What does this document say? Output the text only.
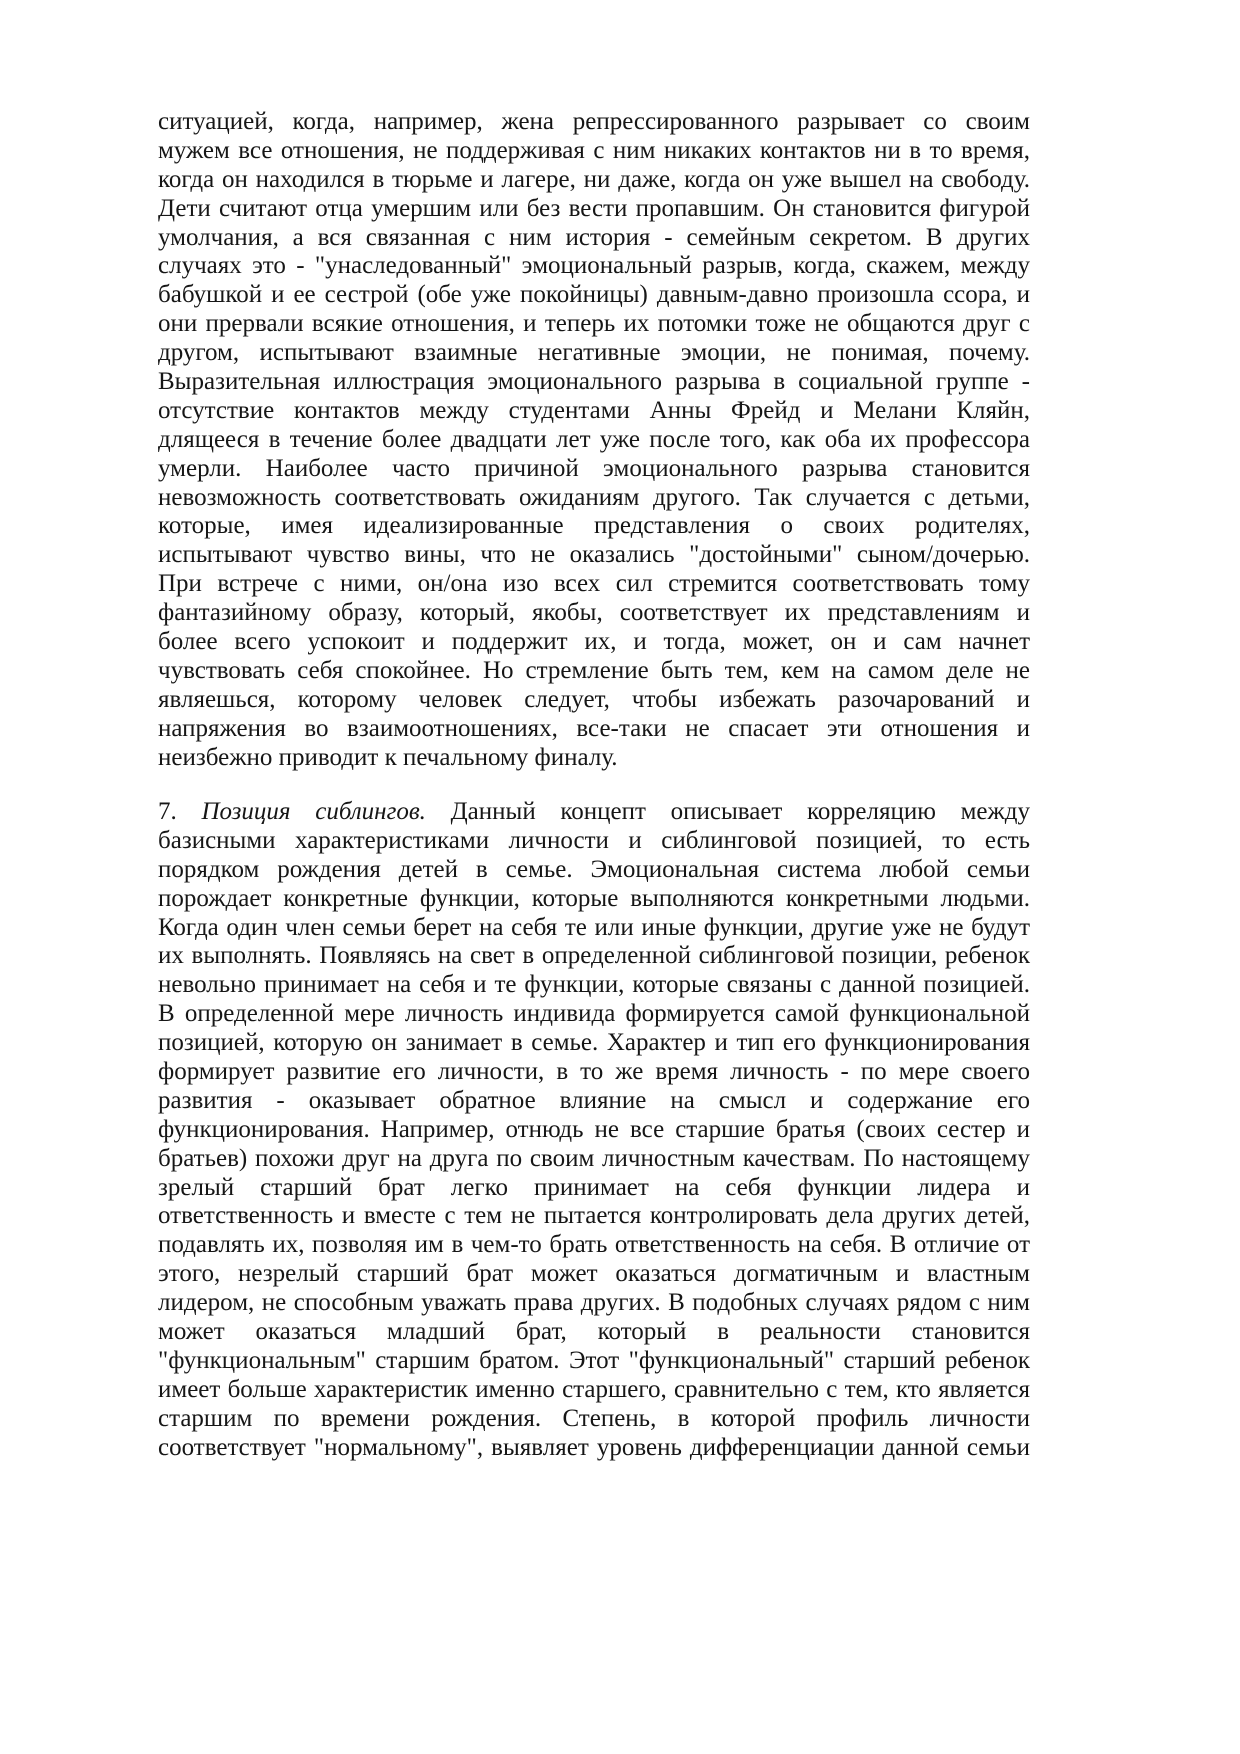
ситуацией, когда, например, жена репрессированного разрывает со своим
мужем все отношения, не поддерживая с ним никаких контактов ни в то время,
когда он находился в тюрьме и лагере, ни даже, когда он уже вышел на свободу.
Дети считают отца умершим или без вести пропавшим. Он становится фигурой
умолчания, а вся связанная с ним история - семейным секретом. В других
случаях это - "унаследованный" эмоциональный разрыв, когда, скажем, между
бабушкой и ее сестрой (обе уже покойницы) давным-давно произошла ссора, и
они прервали всякие отношения, и теперь их потомки тоже не общаются друг с
другом, испытывают взаимные негативные эмоции, не понимая, почему.
Выразительная иллюстрация эмоционального разрыва в социальной группе -
отсутствие контактов между студентами Анны Фрейд и Мелани Кляйн,
длящееся в течение более двадцати лет уже после того, как оба их профессора
умерли. Наиболее часто причиной эмоционального разрыва становится
невозможность соответствовать ожиданиям другого. Так случается с детьми,
которые, имея идеализированные представления о своих родителях,
испытывают чувство вины, что не оказались "достойными" сыном/дочерью.
При встрече с ними, он/она изо всех сил стремится соответствовать тому
фантазийному образу, который, якобы, соответствует их представлениям и
более всего успокоит и поддержит их, и тогда, может, он и сам начнет
чувствовать себя спокойнее. Но стремление быть тем, кем на самом деле не
являешься, которому человек следует, чтобы избежать разочарований и
напряжения во взаимоотношениях, все-таки не спасает эти отношения и
неизбежно приводит к печальному финалу.
7. Позиция сиблингов. Данный концепт описывает корреляцию между
базисными характеристиками личности и сиблинговой позицией, то есть
порядком рождения детей в семье. Эмоциональная система любой семьи
порождает конкретные функции, которые выполняются конкретными людьми.
Когда один член семьи берет на себя те или иные функции, другие уже не будут
их выполнять. Появляясь на свет в определенной сиблинговой позиции, ребенок
невольно принимает на себя и те функции, которые связаны с данной позицией.
В определенной мере личность индивида формируется самой функциональной
позицией, которую он занимает в семье. Характер и тип его функционирования
формирует развитие его личности, в то же время личность - по мере своего
развития - оказывает обратное влияние на смысл и содержание его
функционирования. Например, отнюдь не все старшие братья (своих сестер и
братьев) похожи друг на друга по своим личностным качествам. По настоящему
зрелый старший брат легко принимает на себя функции лидера и
ответственность и вместе с тем не пытается контролировать дела других детей,
подавлять их, позволяя им в чем-то брать ответственность на себя. В отличие от
этого, незрелый старший брат может оказаться догматичным и властным
лидером, не способным уважать права других. В подобных случаях рядом с ним
может оказаться младший брат, который в реальности становится
"функциональным" старшим братом. Этот "функциональный" старший ребенок
имеет больше характеристик именно старшего, сравнительно с тем, кто является
старшим по времени рождения. Степень, в которой профиль личности
соответствует "нормальному", выявляет уровень дифференциации данной семьи
